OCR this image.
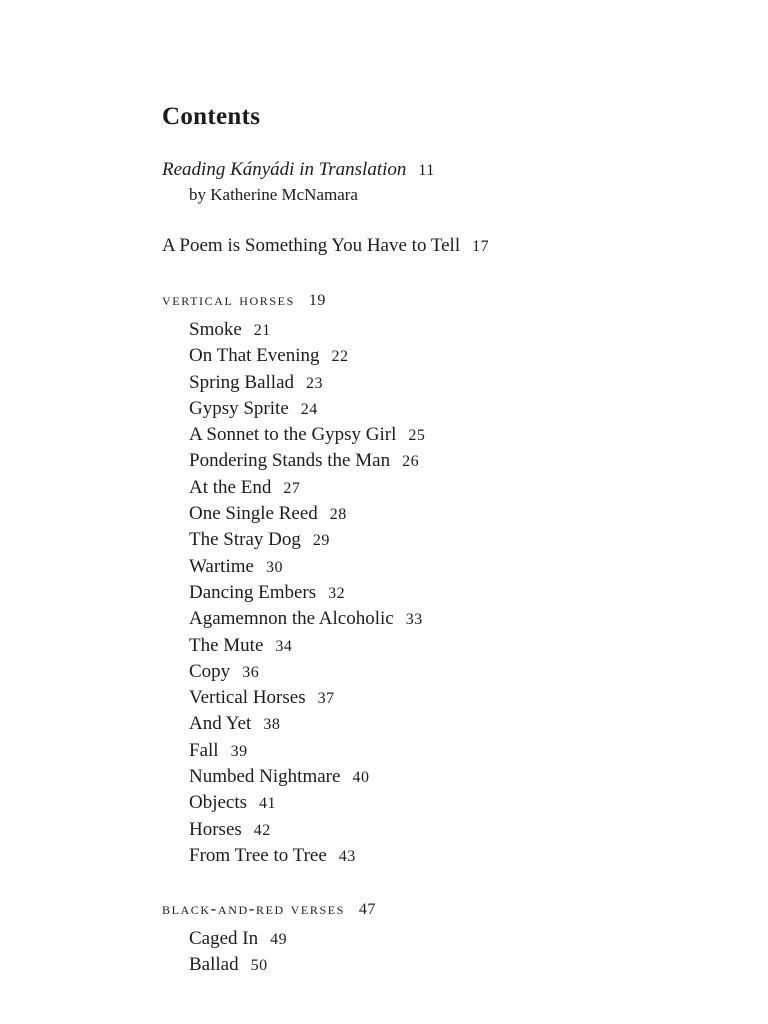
Contents
Reading Kányádi in Translation 11
by Katherine McNamara
A Poem is Something You Have to Tell 17
vertical horses 19
Smoke 21
On That Evening 22
Spring Ballad 23
Gypsy Sprite 24
A Sonnet to the Gypsy Girl 25
Pondering Stands the Man 26
At the End 27
One Single Reed 28
The Stray Dog 29
Wartime 30
Dancing Embers 32
Agamemnon the Alcoholic 33
The Mute 34
Copy 36
Vertical Horses 37
And Yet 38
Fall 39
Numbed Nightmare 40
Objects 41
Horses 42
From Tree to Tree 43
black-and-red verses 47
Caged In 49
Ballad 50
